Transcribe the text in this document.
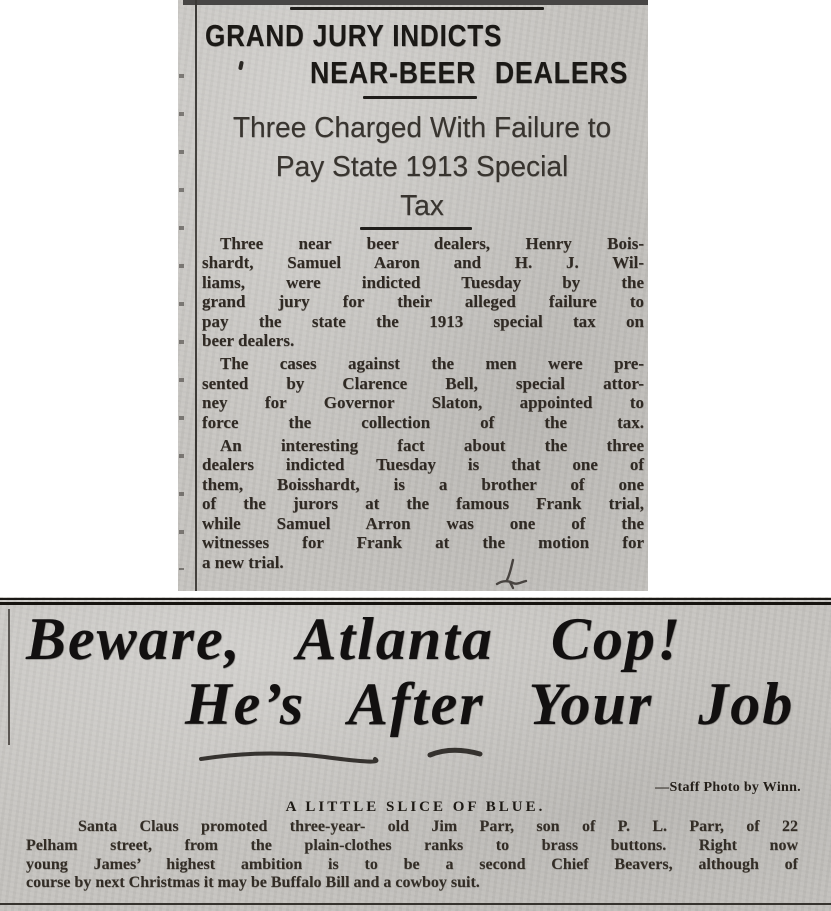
GRAND JURY INDICTS
NEAR-BEER DEALERS
Three Charged With Failure to
Pay State 1913 Special
Tax

Three near beer dealers, Henry Bois-
shardt, Samuel Aaron and H. J. Wil-
liams, were indicted Tuesday by the
grand jury for their alleged failure to
pay the state the 1913 special tax on
beer dealers.

The cases against the men were pre-
sented by Clarence Bell, special attor-
ney for Governor Slaton, appointed to
force the collection of the tax.

An interesting fact about the three
dealers indicted Tuesday is that one of
them, Boisshardt, is a brother of one
of the jurors at the famous Frank trial,
while Samuel Arron was one of the
witnesses for Frank at the motion for
a new trial.

Beware, Atlanta Cop!
He’s After Your Job
—Staff Photo by Winn.
A LITTLE SLICE OF BLUE.
Santa Claus promoted three-year- old Jim Parr, son of P. L. Parr, of 22
Pelham street, from the plain-clothes ranks to brass buttons. Right now
young James’ highest ambition is to be a second Chief Beavers, although of
course by next Christmas it may be Buffalo Bill and a cowboy suit.
